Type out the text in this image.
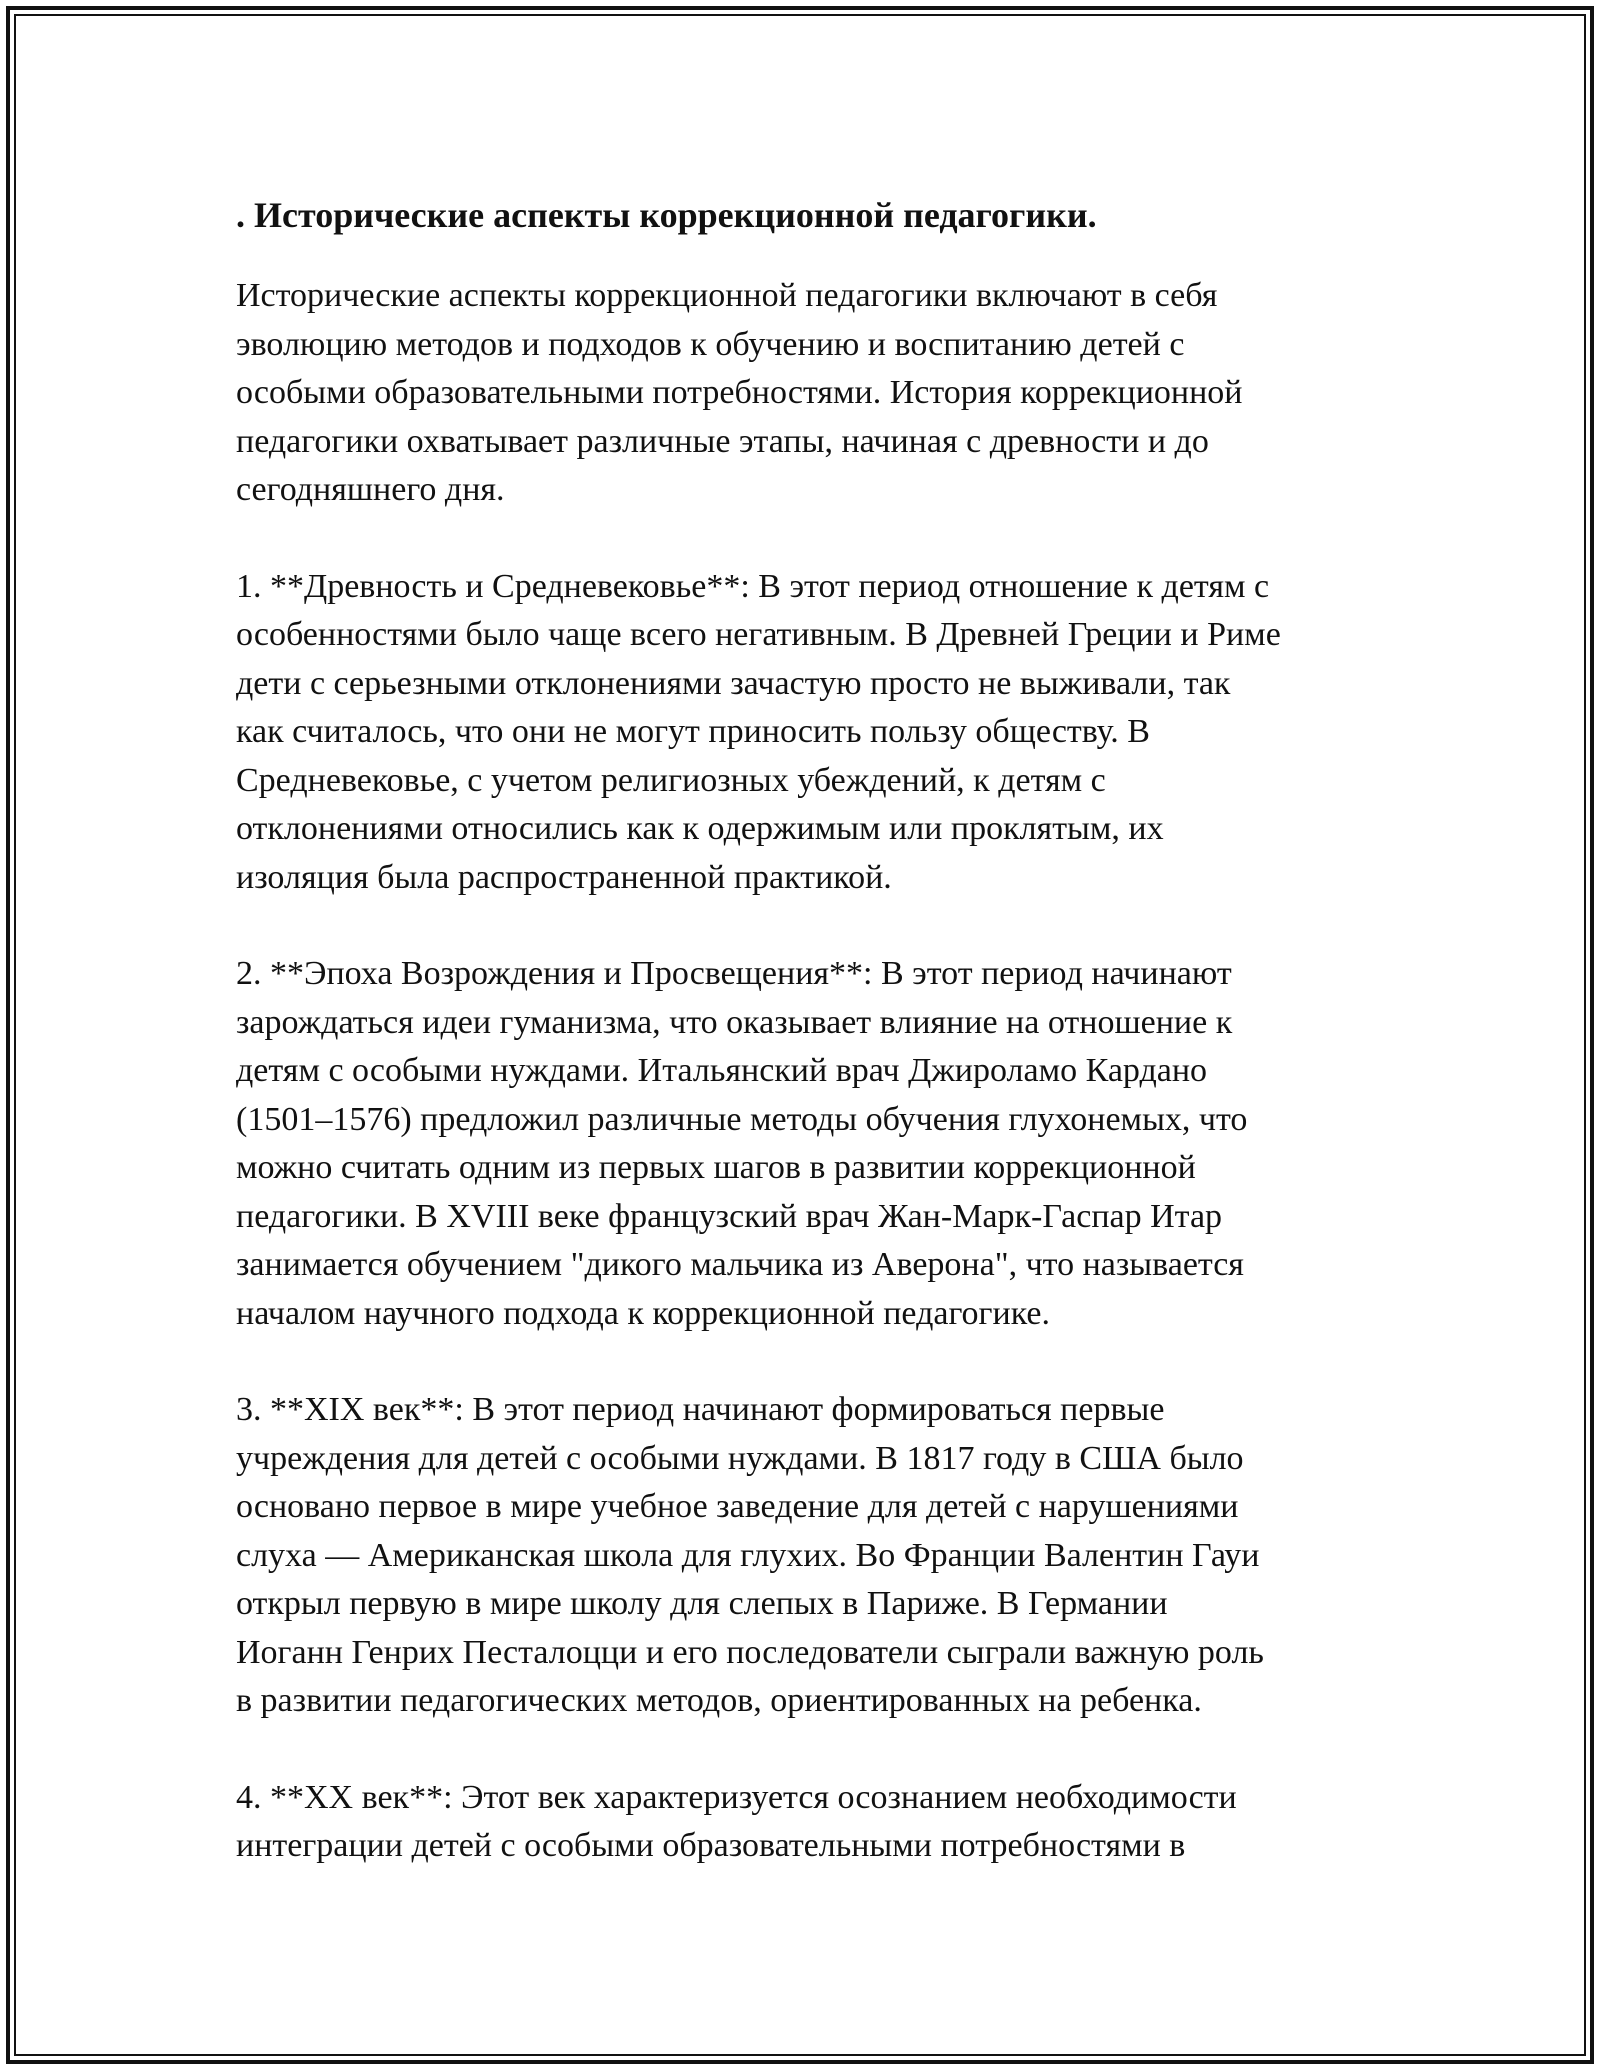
. Исторические аспекты коррекционной педагогики.

Исторические аспекты коррекционной педагогики включают в себя
эволюцию методов и подходов к обучению и воспитанию детей с
особыми образовательными потребностями. История коррекционной
педагогики охватывает различные этапы, начиная с древности и до
сегодняшнего дня.

1. **Древность и Средневековье**: В этот период отношение к детям с
особенностями было чаще всего негативным. В Древней Греции и Риме
дети с серьезными отклонениями зачастую просто не выживали, так
как считалось, что они не могут приносить пользу обществу. В
Средневековье, с учетом религиозных убеждений, к детям с
отклонениями относились как к одержимым или проклятым, их
изоляция была распространенной практикой.

2. **Эпоха Возрождения и Просвещения**: В этот период начинают
зарождаться идеи гуманизма, что оказывает влияние на отношение к
детям с особыми нуждами. Итальянский врач Джироламо Кардано
(1501–1576) предложил различные методы обучения глухонемых, что
можно считать одним из первых шагов в развитии коррекционной
педагогики. В XVIII веке французский врач Жан-Марк-Гаспар Итар
занимается обучением "дикого мальчика из Аверона", что называется
началом научного подхода к коррекционной педагогике.

3. **XIX век**: В этот период начинают формироваться первые
учреждения для детей с особыми нуждами. В 1817 году в США было
основано первое в мире учебное заведение для детей с нарушениями
слуха — Американская школа для глухих. Во Франции Валентин Гауи
открыл первую в мире школу для слепых в Париже. В Германии
Иоганн Генрих Песталоцци и его последователи сыграли важную роль
в развитии педагогических методов, ориентированных на ребенка.

4. **XX век**: Этот век характеризуется осознанием необходимости
интеграции детей с особыми образовательными потребностями в
